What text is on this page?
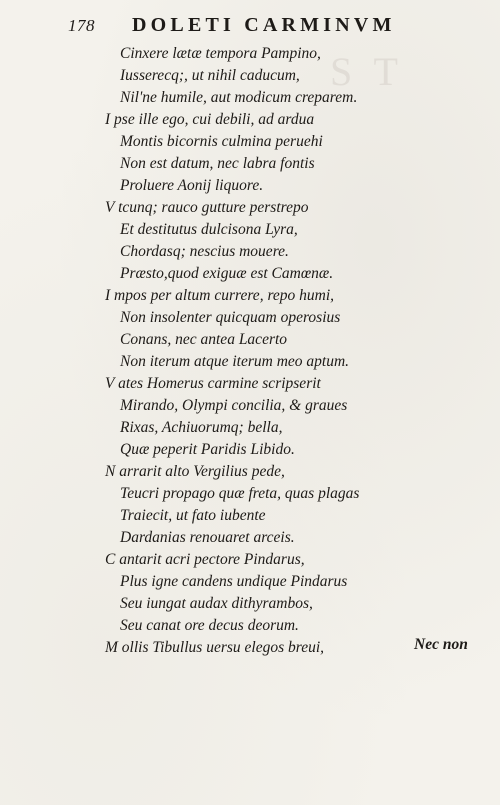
S T
178 DOLETI CARMINVM
Cinxere lætæ tempora Pampino,
Iusserecq;, ut nihil caducum,
Nil'ne humile, aut modicum crepareт.
I pse ille ego, cui debili, ad ardua
Montis bicornis culmina peruehi
Non est datum, nec labra fontis
Proluere Aonij liquore.
V tcunq; rauco gutture perstrepo
Et destitutus dulcisona Lyra,
Chordasq; nescius mouere.
Præsto,quod exiguæ est Camœnæ.
I mpos per altum currere, repo humi,
Non insolenter quicquam operosius
Conans, nec antea Lacerto
Non iterum atque iterum meo aptum.
V ates Homerus carmine scripserit
Mirando, Olympi concilia, & graues
Rixas, Achiuorumq; bella,
Quæ peperit Paridis Libido.
N arrarit alto Vergilius pede,
Teucri propago quæ freta, quas plagas
Traiecit, ut fato iubente
Dardanias renouaret arceis.
C antarit acri pectore Pindarus,
Plus igne candens undique Pindarus
Seu iungat audax dithyrambos,
Seu canat ore decus deorum.
M ollis Tibullus uersu elegos breui,	Nec non
